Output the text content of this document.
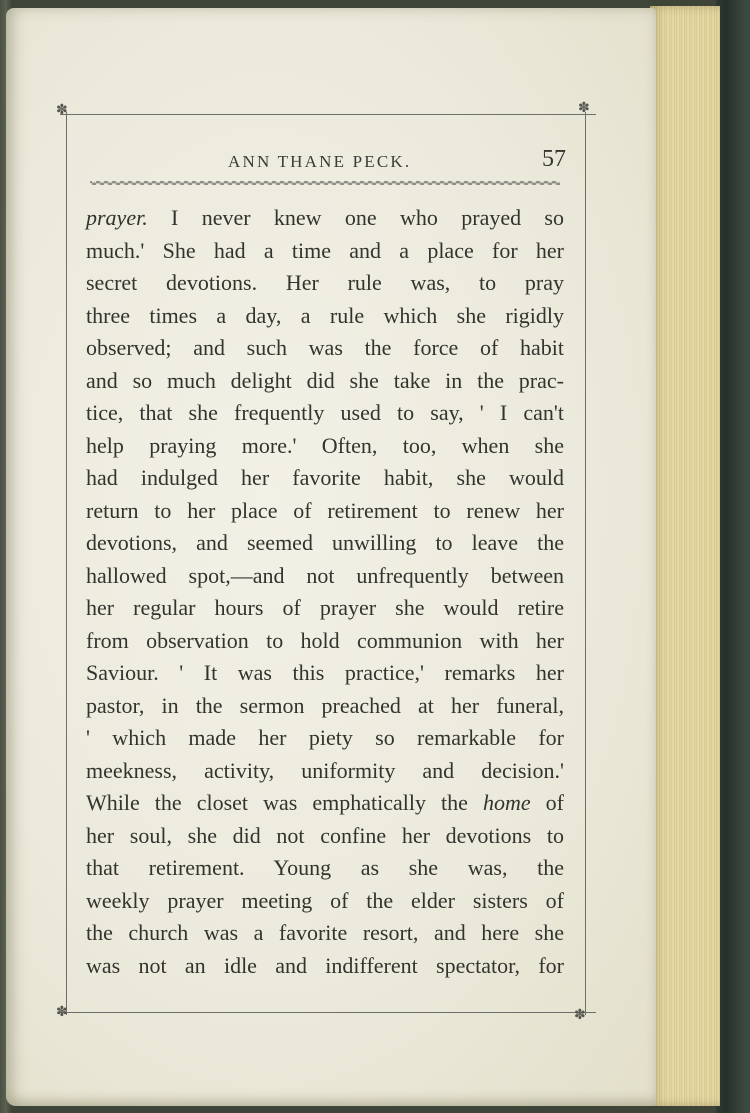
✽	✽
✽	✽
ANN THANE PECK.	57
prayer. I never knew one who prayed so
much.' She had a time and a place for her
secret devotions. Her rule was, to pray
three times a day, a rule which she rigidly
observed; and such was the force of habit
and so much delight did she take in the prac-
tice, that she frequently used to say, ' I can't
help praying more.' Often, too, when she
had indulged her favorite habit, she would
return to her place of retirement to renew her
devotions, and seemed unwilling to leave the
hallowed spot,—and not unfrequently between
her regular hours of prayer she would retire
from observation to hold communion with her
Saviour. ' It was this practice,' remarks her
pastor, in the sermon preached at her funeral,
' which made her piety so remarkable for
meekness, activity, uniformity and decision.'
While the closet was emphatically the home of
her soul, she did not confine her devotions to
that retirement. Young as she was, the
weekly prayer meeting of the elder sisters of
the church was a favorite resort, and here she
was not an idle and indifferent spectator, for
